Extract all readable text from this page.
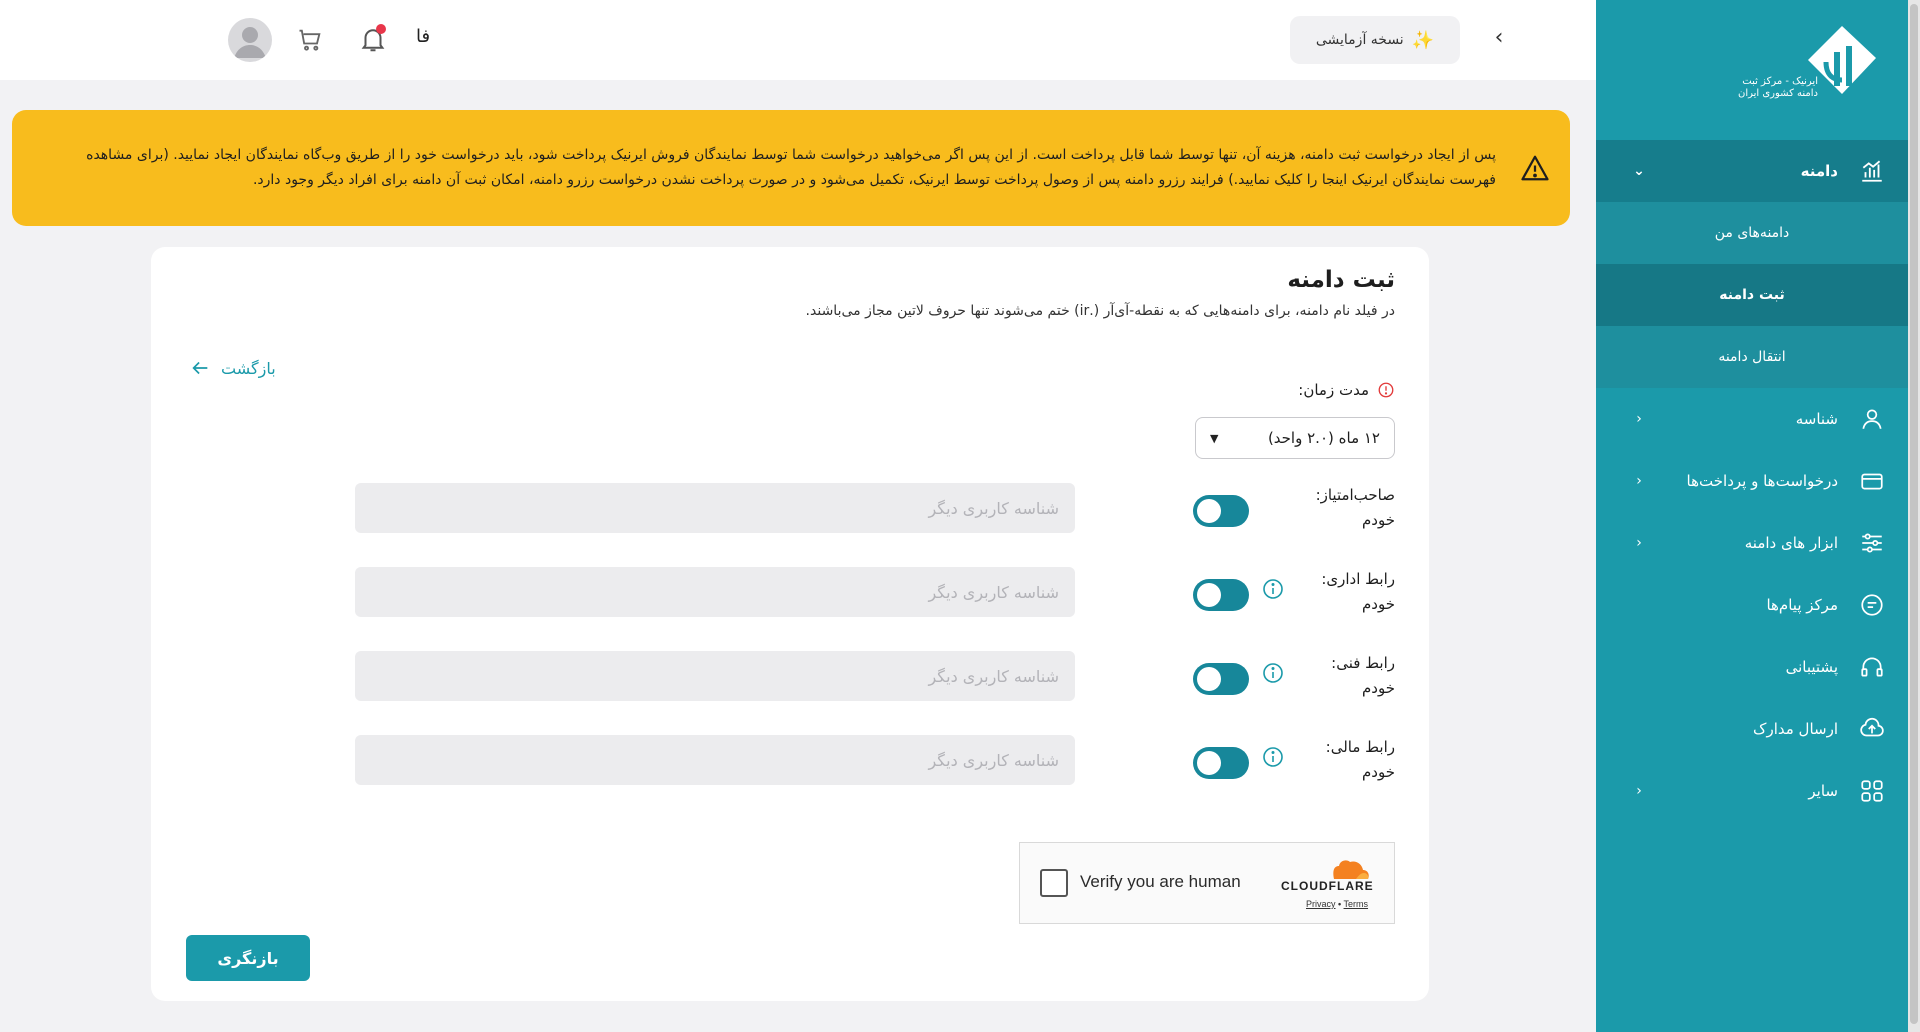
‹
✨
نسخه آزمایشی
فا

پس از ایجاد درخواست ثبت دامنه، هزینه آن، تنها توسط شما قابل پرداخت است. از این پس اگر می‌خواهید درخواست شما توسط نمایندگان فروش ایرنیک پرداخت شود، باید درخواست خود را از طریق وب‌گاه نمایندگان ایجاد نمایید. (برای مشاهده فهرست نمایندگان ایرنیک اینجا را کلیک نمایید.) فرایند رزرو دامنه پس از وصول پرداخت توسط ایرنیک، تکمیل می‌شود و در صورت پرداخت نشدن درخواست رزرو دامنه، امکان ثبت آن دامنه برای افراد دیگر وجود دارد.

ثبت دامنه
در فیلد نام دامنه، برای دامنه‌هایی که به نقطه-آی‌آر (.ir) ختم می‌شوند تنها حروف لاتین مجاز می‌باشند.
بازگشت
مدت زمان:
۱۲ ماه (۲.۰ واحد)
▼
صاحب‌امتیاز:
خودم
شناسه کاربری دیگر
رابط اداری:
خودم
شناسه کاربری دیگر
رابط فنی:
خودم
شناسه کاربری دیگر
رابط مالی:
خودم
شناسه کاربری دیگر
Verify you are human	CLOUDFLARE
Privacy • Terms
بازنگری
ایرنیک - مرکز ثبت
دامنه کشوری ایران
دامنه
⌄
دامنه‌های من
ثبت دامنه
انتقال دامنه
شناسه
‹
درخواست‌ها و پرداخت‌ها
‹
ابزار های دامنه
‹
مرکز پیام‌ها
پشتیبانی
ارسال مدارک
سایر
‹
